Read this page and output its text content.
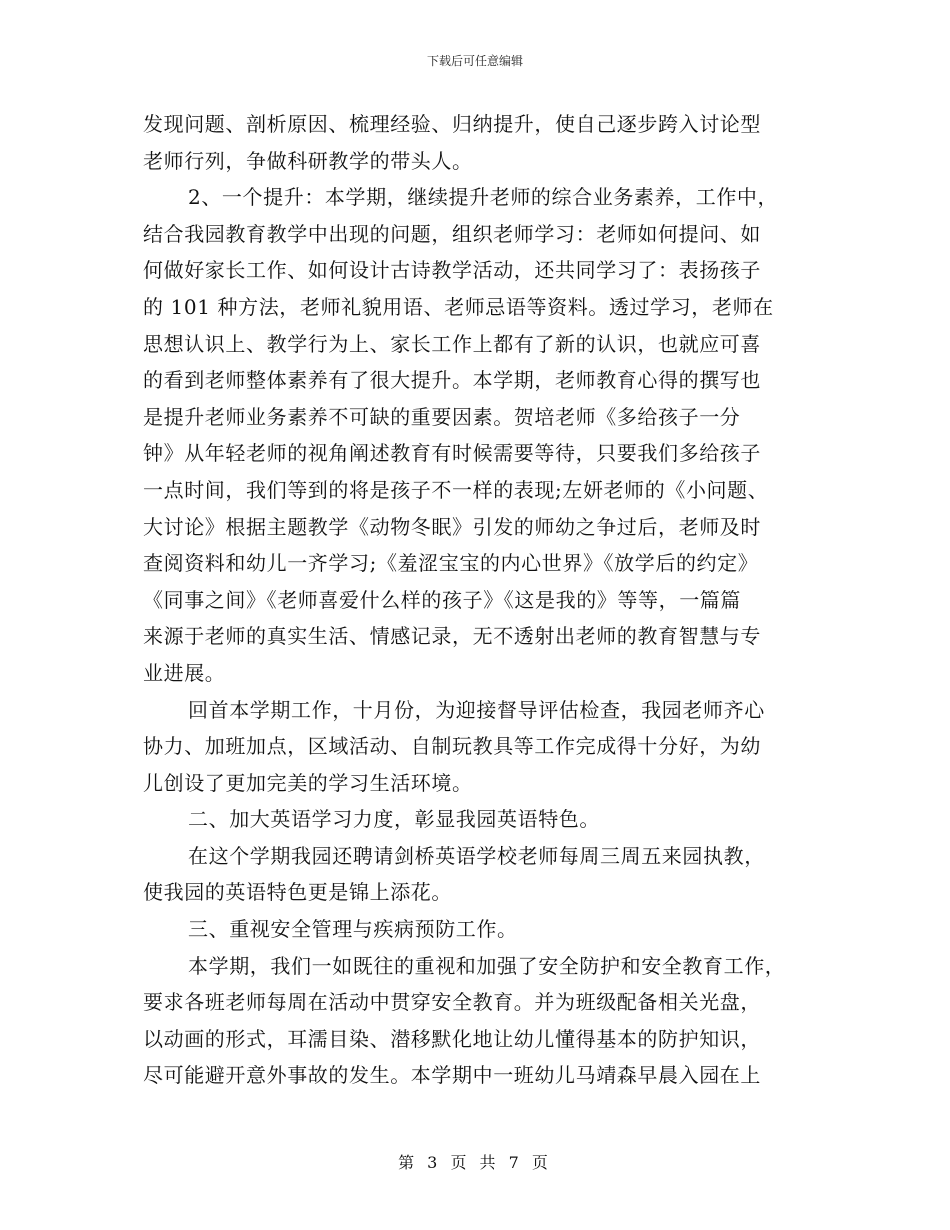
下载后可任意编辑
发现问题、剖析原因、梳理经验、归纳提升，使自己逐步跨入讨论型
老师行列，争做科研教学的带头人。
2、一个提升：本学期，继续提升老师的综合业务素养，工作中，
结合我园教育教学中出现的问题，组织老师学习：老师如何提问、如
何做好家长工作、如何设计古诗教学活动，还共同学习了：表扬孩子
的 101 种方法，老师礼貌用语、老师忌语等资料。透过学习，老师在
思想认识上、教学行为上、家长工作上都有了新的认识，也就应可喜
的看到老师整体素养有了很大提升。本学期，老师教育心得的撰写也
是提升老师业务素养不可缺的重要因素。贺培老师《多给孩子一分
钟》从年轻老师的视角阐述教育有时候需要等待，只要我们多给孩子
一点时间，我们等到的将是孩子不一样的表现;左妍老师的《小问题、
大讨论》根据主题教学《动物冬眠》引发的师幼之争过后，老师及时
查阅资料和幼儿一齐学习;《羞涩宝宝的内心世界》《放学后的约定》
《同事之间》《老师喜爱什么样的孩子》《这是我的》等等，一篇篇
来源于老师的真实生活、情感记录，无不透射出老师的教育智慧与专
业进展。
回首本学期工作，十月份，为迎接督导评估检查，我园老师齐心
协力、加班加点，区域活动、自制玩教具等工作完成得十分好，为幼
儿创设了更加完美的学习生活环境。
二、加大英语学习力度，彰显我园英语特色。
在这个学期我园还聘请剑桥英语学校老师每周三周五来园执教，
使我园的英语特色更是锦上添花。
三、重视安全管理与疾病预防工作。
本学期，我们一如既往的重视和加强了安全防护和安全教育工作，
要求各班老师每周在活动中贯穿安全教育。并为班级配备相关光盘，
以动画的形式，耳濡目染、潜移默化地让幼儿懂得基本的防护知识，
尽可能避开意外事故的发生。本学期中一班幼儿马靖森早晨入园在上
第 3 页 共 7 页
